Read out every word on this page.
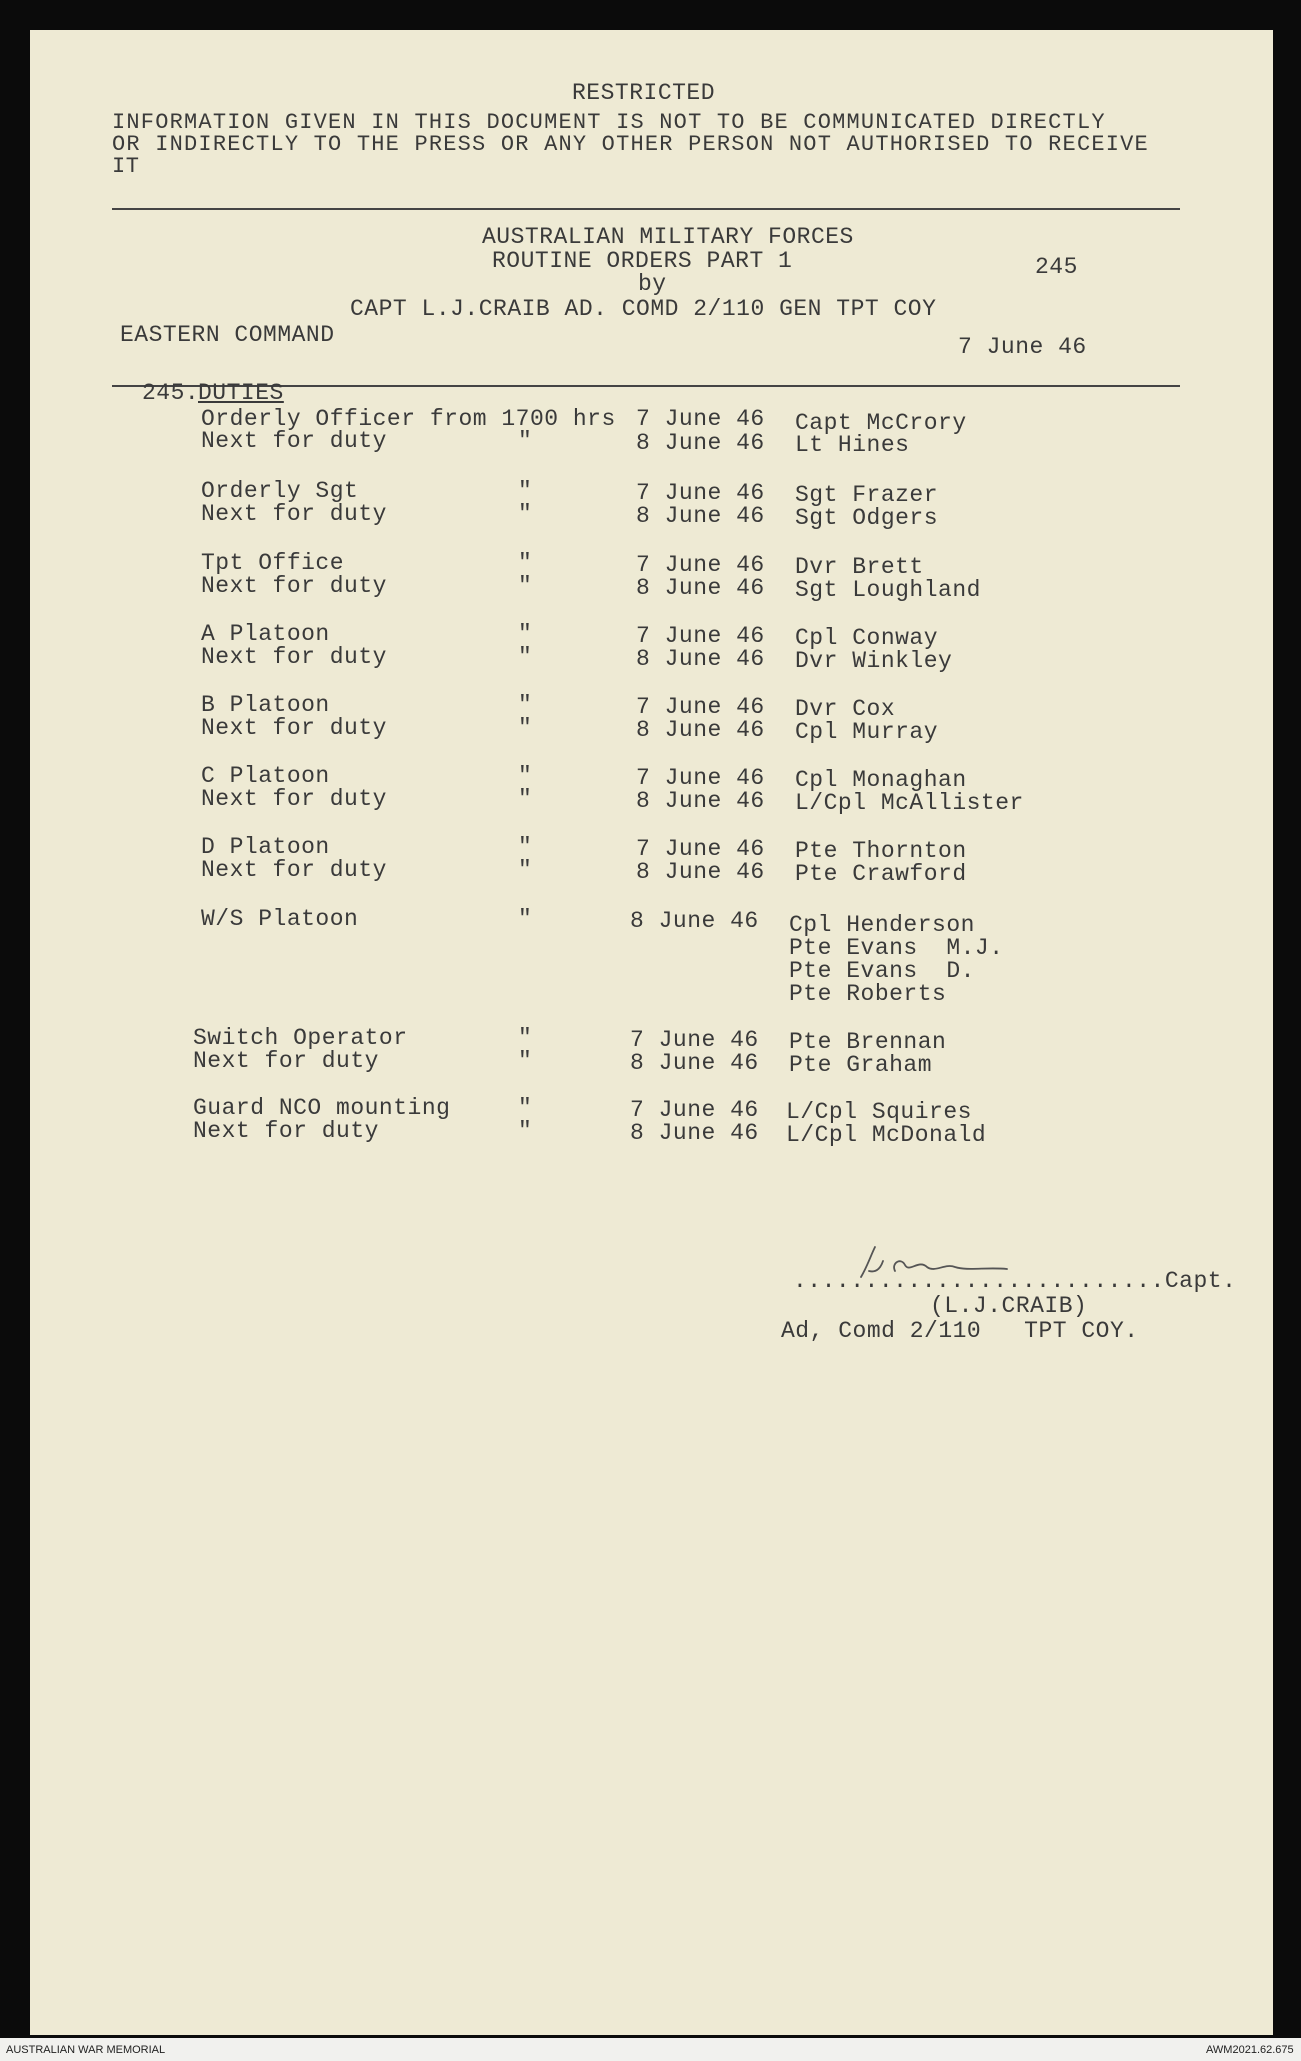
RESTRICTED
INFORMATION GIVEN IN THIS DOCUMENT IS NOT TO BE COMMUNICATED DIRECTLY
OR INDIRECTLY TO THE PRESS OR ANY OTHER PERSON NOT AUTHORISED TO RECEIVE
IT
AUSTRALIAN MILITARY FORCES
ROUTINE ORDERS PART 1	245
by
CAPT L.J.CRAIB AD. COMD 2/110 GEN TPT COY
EASTERN COMMAND	7 June 46
245.
DUTIES
Orderly Officer from 1700 hrs 7 June 46 Capt McCrory
Next for duty	"	8 June 46 Lt Hines
Orderly Sgt	"	7 June 46 Sgt Frazer
Next for duty	"	8 June 46 Sgt Odgers
Tpt Office	"	7 June 46 Dvr Brett
Next for duty	"	8 June 46 Sgt Loughland
A Platoon	"	7 June 46 Cpl Conway
Next for duty	"	8 June 46 Dvr Winkley
B Platoon	"	7 June 46 Dvr Cox
Next for duty	"	8 June 46 Cpl Murray
C Platoon	"	7 June 46 Cpl Monaghan
Next for duty	"	8 June 46 L/Cpl McAllister
D Platoon	"	7 June 46 Pte Thornton
Next for duty	"	8 June 46 Pte Crawford
W/S Platoon	"	8 June 46 Cpl Henderson
Pte Evans  M.J.
Pte Evans  D.
Pte Roberts
Switch Operator	"	7 June 46 Pte Brennan
Next for duty	"	8 June 46 Pte Graham
Guard NCO mounting	"	7 June 46 L/Cpl Squires
Next for duty	"	8 June 46 L/Cpl McDonald
..........................Capt.
(L.J.CRAIB)
Ad, Comd 2/110   TPT COY.
AUSTRALIAN WAR MEMORIAL	AWM2021.62.675
